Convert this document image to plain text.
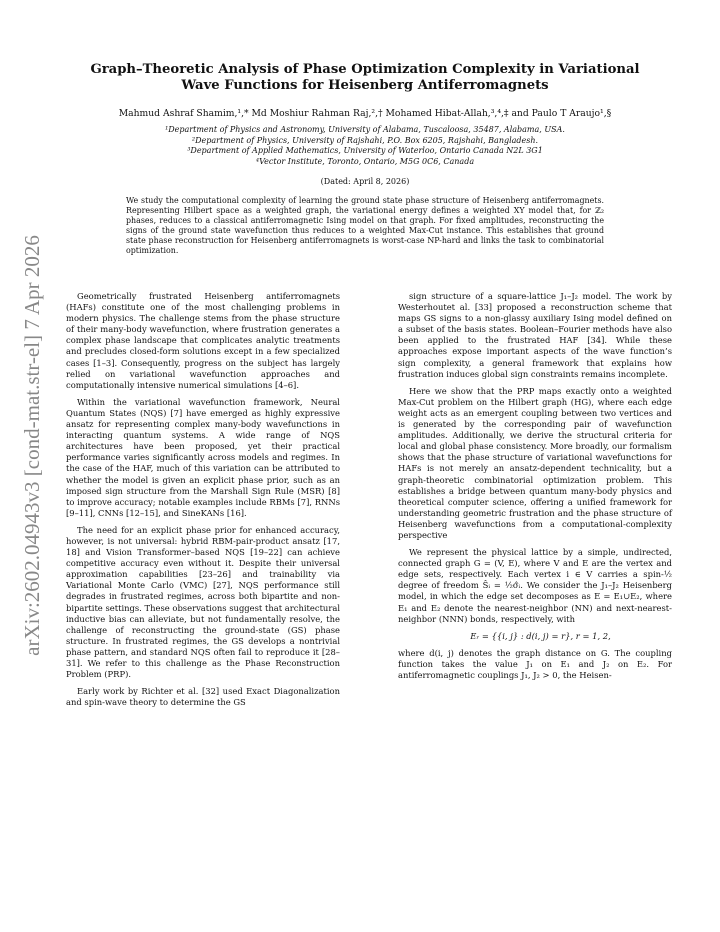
arXiv:2602.04943v3 [cond-mat.str-el] 7 Apr 2026
Graph–Theoretic Analysis of Phase Optimization Complexity in Variational Wave Functions for Heisenberg Antiferromagnets
Mahmud Ashraf Shamim,¹,* Md Moshiur Rahman Raj,²,† Mohamed Hibat-Allah,³,⁴,‡ and Paulo T Araujo¹,§
¹Department of Physics and Astronomy, University of Alabama, Tuscaloosa, 35487, Alabama, USA.
²Department of Physics, University of Rajshahi, P.O. Box 6205, Rajshahi, Bangladesh.
³Department of Applied Mathematics, University of Waterloo, Ontario Canada N2L 3G1
⁴Vector Institute, Toronto, Ontario, M5G 0C6, Canada
(Dated: April 8, 2026)
We study the computational complexity of learning the ground state phase structure of Heisenberg antiferromagnets. Representing Hilbert space as a weighted graph, the variational energy defines a weighted XY model that, for ℤ₂ phases, reduces to a classical antiferromagnetic Ising model on that graph. For fixed amplitudes, reconstructing the signs of the ground state wavefunction thus reduces to a weighted Max-Cut instance. This establishes that ground state phase reconstruction for Heisenberg antiferromagnets is worst-case NP-hard and links the task to combinatorial optimization.

Geometrically frustrated Heisenberg antiferromagnets (HAFs) constitute one of the most challenging problems in modern physics. The challenge stems from the phase structure of their many-body wavefunction, where frustration generates a complex phase landscape that complicates analytic treatments and precludes closed-form solutions except in a few specialized cases [1–3]. Consequently, progress on the subject has largely relied on variational wavefunction approaches and computationally intensive numerical simulations [4–6].

Within the variational wavefunction framework, Neural Quantum States (NQS) [7] have emerged as highly expressive ansatz for representing complex many-body wavefunctions in interacting quantum systems. A wide range of NQS architectures have been proposed, yet their practical performance varies significantly across models and regimes. In the case of the HAF, much of this variation can be attributed to whether the model is given an explicit phase prior, such as an imposed sign structure from the Marshall Sign Rule (MSR) [8] to improve accuracy; notable examples include RBMs [7], RNNs [9–11], CNNs [12–15], and SineKANs [16].

The need for an explicit phase prior for enhanced accuracy, however, is not universal: hybrid RBM-pair-product ansatz [17, 18] and Vision Transformer–based NQS [19–22] can achieve competitive accuracy even without it. Despite their universal approximation capabilities [23–26] and trainability via Variational Monte Carlo (VMC) [27], NQS performance still degrades in frustrated regimes, across both bipartite and non-bipartite settings. These observations suggest that architectural inductive bias can alleviate, but not fundamentally resolve, the challenge of reconstructing the ground-state (GS) phase structure. In frustrated regimes, the GS develops a nontrivial phase pattern, and standard NQS often fail to reproduce it [28–31]. We refer to this challenge as the Phase Reconstruction Problem (PRP).

Early work by Richter et al. [32] used Exact Diagonalization and spin-wave theory to determine the GS

sign structure of a square-lattice J₁–J₂ model. The work by Westerhoutet al. [33] proposed a reconstruction scheme that maps GS signs to a non-glassy auxiliary Ising model defined on a subset of the basis states. Boolean–Fourier methods have also been applied to the frustrated HAF [34]. While these approaches expose important aspects of the wave function’s sign complexity, a general framework that explains how frustration induces global sign constraints remains incomplete.

Here we show that the PRP maps exactly onto a weighted Max-Cut problem on the Hilbert graph (HG), where each edge weight acts as an emergent coupling between two vertices and is generated by the corresponding pair of wavefunction amplitudes. Additionally, we derive the structural criteria for local and global phase consistency. More broadly, our formalism shows that the phase structure of variational wavefunctions for HAFs is not merely an ansatz-dependent technicality, but a graph-theoretic combinatorial optimization problem. This establishes a bridge between quantum many-body physics and theoretical computer science, offering a unified framework for understanding geometric frustration and the phase structure of Heisenberg wavefunctions from a computational-complexity perspective

We represent the physical lattice by a simple, undirected, connected graph G = (V, E), where V and E are the vertex and edge sets, respectively. Each vertex i ∈ V carries a spin-½ degree of freedom Ŝᵢ = ½σ̂ᵢ. We consider the J₁–J₂ Heisenberg model, in which the edge set decomposes as E = E₁∪E₂, where E₁ and E₂ denote the nearest-neighbor (NN) and next-nearest-neighbor (NNN) bonds, respectively, with

Eᵣ = {{i, j} : d(i, j) = r}, r = 1, 2,

where d(i, j) denotes the graph distance on G. The coupling function takes the value J₁ on E₁ and J₂ on E₂. For antiferromagnetic couplings J₁, J₂ > 0, the Heisen-
